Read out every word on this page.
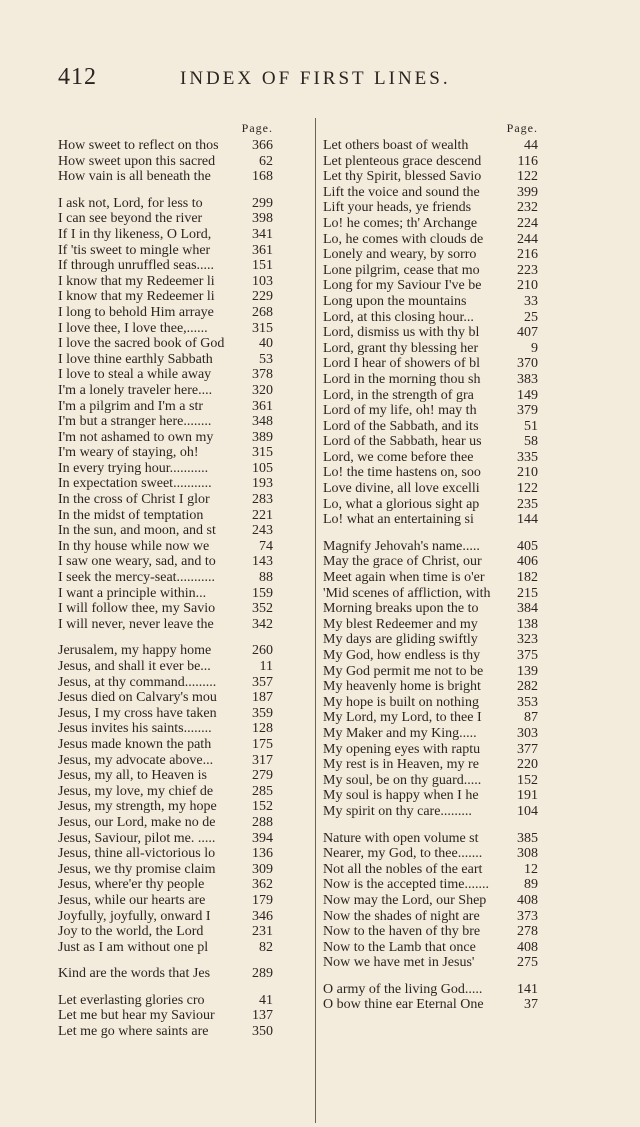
412	INDEX OF FIRST LINES.
Page.
How sweet to reflect on thos	366
How sweet upon this sacred	62
How vain is all beneath the	168
I ask not, Lord, for less to	299
I can see beyond the river	398
If I in thy likeness, O Lord,	341
If 'tis sweet to mingle wher	361
If through unruffled seas.....	151
I know that my Redeemer li	103
I know that my Redeemer li	229
I long to behold Him arraye	268
I love thee, I love thee,......	315
I love the sacred book of God	40
I love thine earthly Sabbath	53
I love to steal a while away	378
I'm a lonely traveler here....	320
I'm a pilgrim and I'm a str	361
I'm but a stranger here........	348
I'm not ashamed to own my	389
I'm weary of staying, oh!	315
In every trying hour...........	105
In expectation sweet...........	193
In the cross of Christ I glor	283
In the midst of temptation	221
In the sun, and moon, and st	243
In thy house while now we	74
I saw one weary, sad, and to	143
I seek the mercy-seat...........	88
I want a principle within...	159
I will follow thee, my Savio	352
I will never, never leave the	342
Jerusalem, my happy home	260
Jesus, and shall it ever be...	11
Jesus, at thy command.........	357
Jesus died on Calvary's mou	187
Jesus, I my cross have taken	359
Jesus invites his saints........	128
Jesus made known the path	175
Jesus, my advocate above...	317
Jesus, my all, to Heaven is	279
Jesus, my love, my chief de	285
Jesus, my strength, my hope	152
Jesus, our Lord, make no de	288
Jesus, Saviour, pilot me. .....	394
Jesus, thine all-victorious lo	136
Jesus, we thy promise claim	309
Jesus, where'er thy people	362
Jesus, while our hearts are	179
Joyfully, joyfully, onward I	346
Joy to the world, the Lord	231
Just as I am without one pl	82
Kind are the words that Jes	289
Let everlasting glories cro	41
Let me but hear my Saviour	137
Let me go where saints are	350
Page.
Let others boast of wealth	44
Let plenteous grace descend	116
Let thy Spirit, blessed Savio	122
Lift the voice and sound the	399
Lift your heads, ye friends	232
Lo! he comes; th' Archange	224
Lo, he comes with clouds de	244
Lonely and weary, by sorro	216
Lone pilgrim, cease that mo	223
Long for my Saviour I've be	210
Long upon the mountains	33
Lord, at this closing hour...	25
Lord, dismiss us with thy bl	407
Lord, grant thy blessing her	9
Lord I hear of showers of bl	370
Lord in the morning thou sh	383
Lord, in the strength of gra	149
Lord of my life, oh! may th	379
Lord of the Sabbath, and its	51
Lord of the Sabbath, hear us	58
Lord, we come before thee	335
Lo! the time hastens on, soo	210
Love divine, all love excelli	122
Lo, what a glorious sight ap	235
Lo! what an entertaining si	144
Magnify Jehovah's name.....	405
May the grace of Christ, our	406
Meet again when time is o'er	182
'Mid scenes of affliction, with	215
Morning breaks upon the to	384
My blest Redeemer and my	138
My days are gliding swiftly	323
My God, how endless is thy	375
My God permit me not to be	139
My heavenly home is bright	282
My hope is built on nothing	353
My Lord, my Lord, to thee I	87
My Maker and my King.....	303
My opening eyes with raptu	377
My rest is in Heaven, my re	220
My soul, be on thy guard.....	152
My soul is happy when I he	191
My spirit on thy care.........	104
Nature with open volume st	385
Nearer, my God, to thee.......	308
Not all the nobles of the eart	12
Now is the accepted time.......	89
Now may the Lord, our Shep	408
Now the shades of night are	373
Now to the haven of thy bre	278
Now to the Lamb that once	408
Now we have met in Jesus'	275
O army of the living God.....	141
O bow thine ear Eternal One	37
